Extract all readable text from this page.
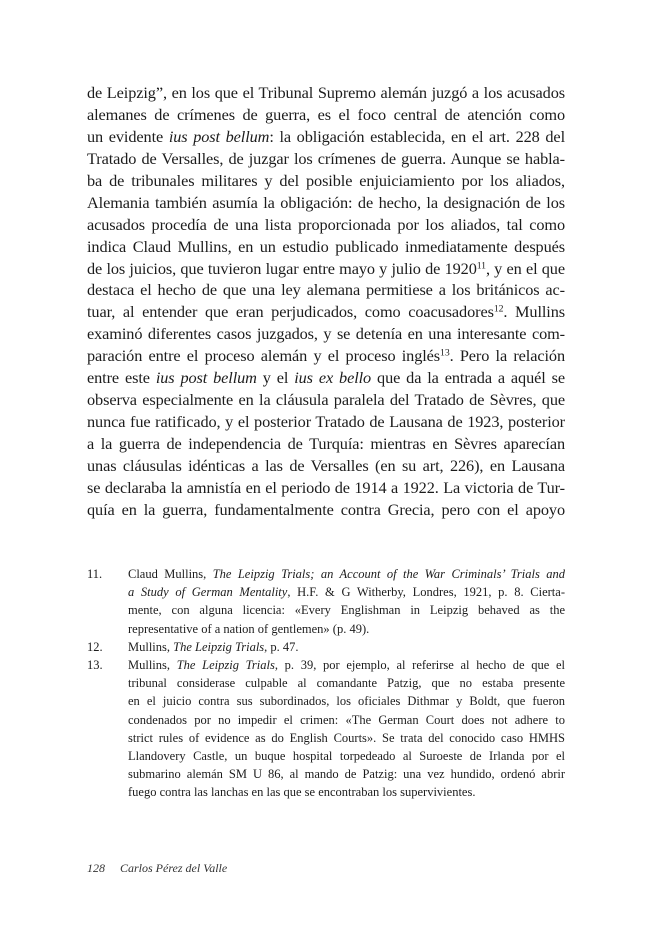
de Leipzig”, en los que el Tribunal Supremo alemán juzgó a los acusados
alemanes de crímenes de guerra, es el foco central de atención como
un evidente ius post bellum: la obligación establecida, en el art. 228 del
Tratado de Versalles, de juzgar los crímenes de guerra. Aunque se habla-
ba de tribunales militares y del posible enjuiciamiento por los aliados,
Alemania también asumía la obligación: de hecho, la designación de los
acusados procedía de una lista proporcionada por los aliados, tal como
indica Claud Mullins, en un estudio publicado inmediatamente después
de los juicios, que tuvieron lugar entre mayo y julio de 1920$^{11}$, y en el que
destaca el hecho de que una ley alemana permitiese a los británicos ac-
tuar, al entender que eran perjudicados, como coacusadores$^{12}$. Mullins
examinó diferentes casos juzgados, y se detenía en una interesante com-
paración entre el proceso alemán y el proceso inglés$^{13}$. Pero la relación
entre este ius post bellum y el ius ex bello que da la entrada a aquél se
observa especialmente en la cláusula paralela del Tratado de Sèvres, que
nunca fue ratificado, y el posterior Tratado de Lausana de 1923, posterior
a la guerra de independencia de Turquía: mientras en Sèvres aparecían
unas cláusulas idénticas a las de Versalles (en su art, 226), en Lausana
se declaraba la amnistía en el periodo de 1914 a 1922. La victoria de Tur-
quía en la guerra, fundamentalmente contra Grecia, pero con el apoyo
11. Claud Mullins, The Leipzig Trials; an Account of the War Criminals’ Trials and
a Study of German Mentality, H.F. & G Witherby, Londres, 1921, p. 8. Cierta-
mente, con alguna licencia: «Every Englishman in Leipzig behaved as the
representative of a nation of gentlemen» (p. 49).
12. Mullins, The Leipzig Trials, p. 47.
13. Mullins, The Leipzig Trials, p. 39, por ejemplo, al referirse al hecho de que el
tribunal considerase culpable al comandante Patzig, que no estaba presente
en el juicio contra sus subordinados, los oficiales Dithmar y Boldt, que fueron
condenados por no impedir el crimen: «The German Court does not adhere to
strict rules of evidence as do English Courts». Se trata del conocido caso HMHS
Llandovery Castle, un buque hospital torpedeado al Suroeste de Irlanda por el
submarino alemán SM U 86, al mando de Patzig: una vez hundido, ordenó abrir
fuego contra las lanchas en las que se encontraban los supervivientes.
128 Carlos Pérez del Valle
